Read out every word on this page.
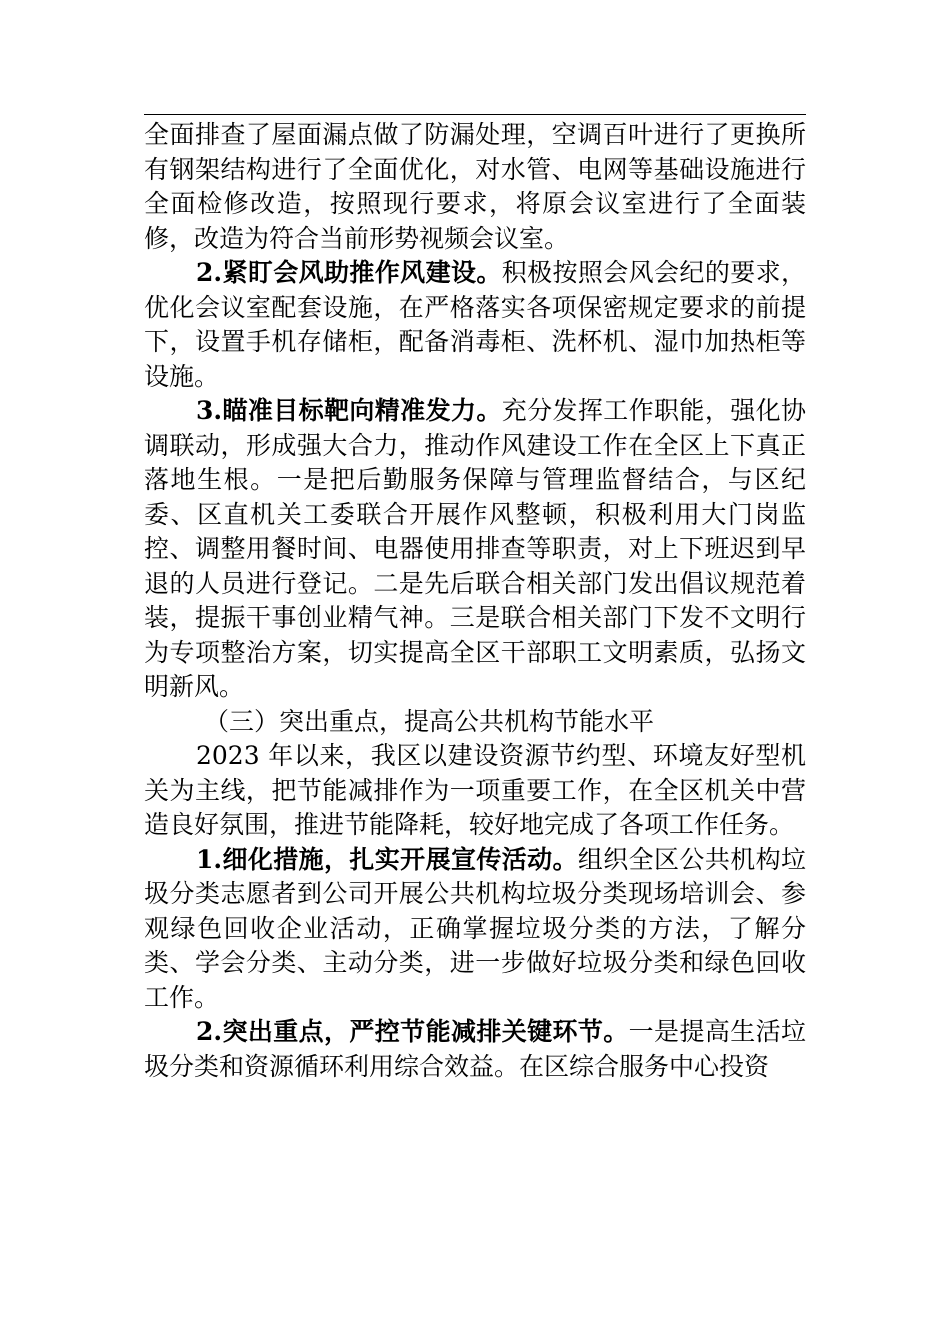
全面排查了屋面漏点做了防漏处理，空调百叶进行了更换所有钢架结构进行了全面优化，对水管、电网等基础设施进行全面检修改造，按照现行要求，将原会议室进行了全面装修，改造为符合当前形势视频会议室。

2.紧盯会风助推作风建设。积极按照会风会纪的要求，优化会议室配套设施，在严格落实各项保密规定要求的前提下，设置手机存储柜，配备消毒柜、洗杯机、湿巾加热柜等设施。

3.瞄准目标靶向精准发力。充分发挥工作职能，强化协调联动，形成强大合力，推动作风建设工作在全区上下真正落地生根。一是把后勤服务保障与管理监督结合，与区纪委、区直机关工委联合开展作风整顿，积极利用大门岗监控、调整用餐时间、电器使用排查等职责，对上下班迟到早退的人员进行登记。二是先后联合相关部门发出倡议规范着装，提振干事创业精气神。三是联合相关部门下发不文明行为专项整治方案，切实提高全区干部职工文明素质，弘扬文明新风。

（三）突出重点，提高公共机构节能水平

2023 年以来，我区以建设资源节约型、环境友好型机关为主线，把节能减排作为一项重要工作，在全区机关中营造良好氛围，推进节能降耗，较好地完成了各项工作任务。

1.细化措施，扎实开展宣传活动。组织全区公共机构垃圾分类志愿者到公司开展公共机构垃圾分类现场培训会、参观绿色回收企业活动，正确掌握垃圾分类的方法，了解分类、学会分类、主动分类，进一步做好垃圾分类和绿色回收工作。

2.突出重点，严控节能减排关键环节。一是提高生活垃圾分类和资源循环利用综合效益。在区综合服务中心投资
